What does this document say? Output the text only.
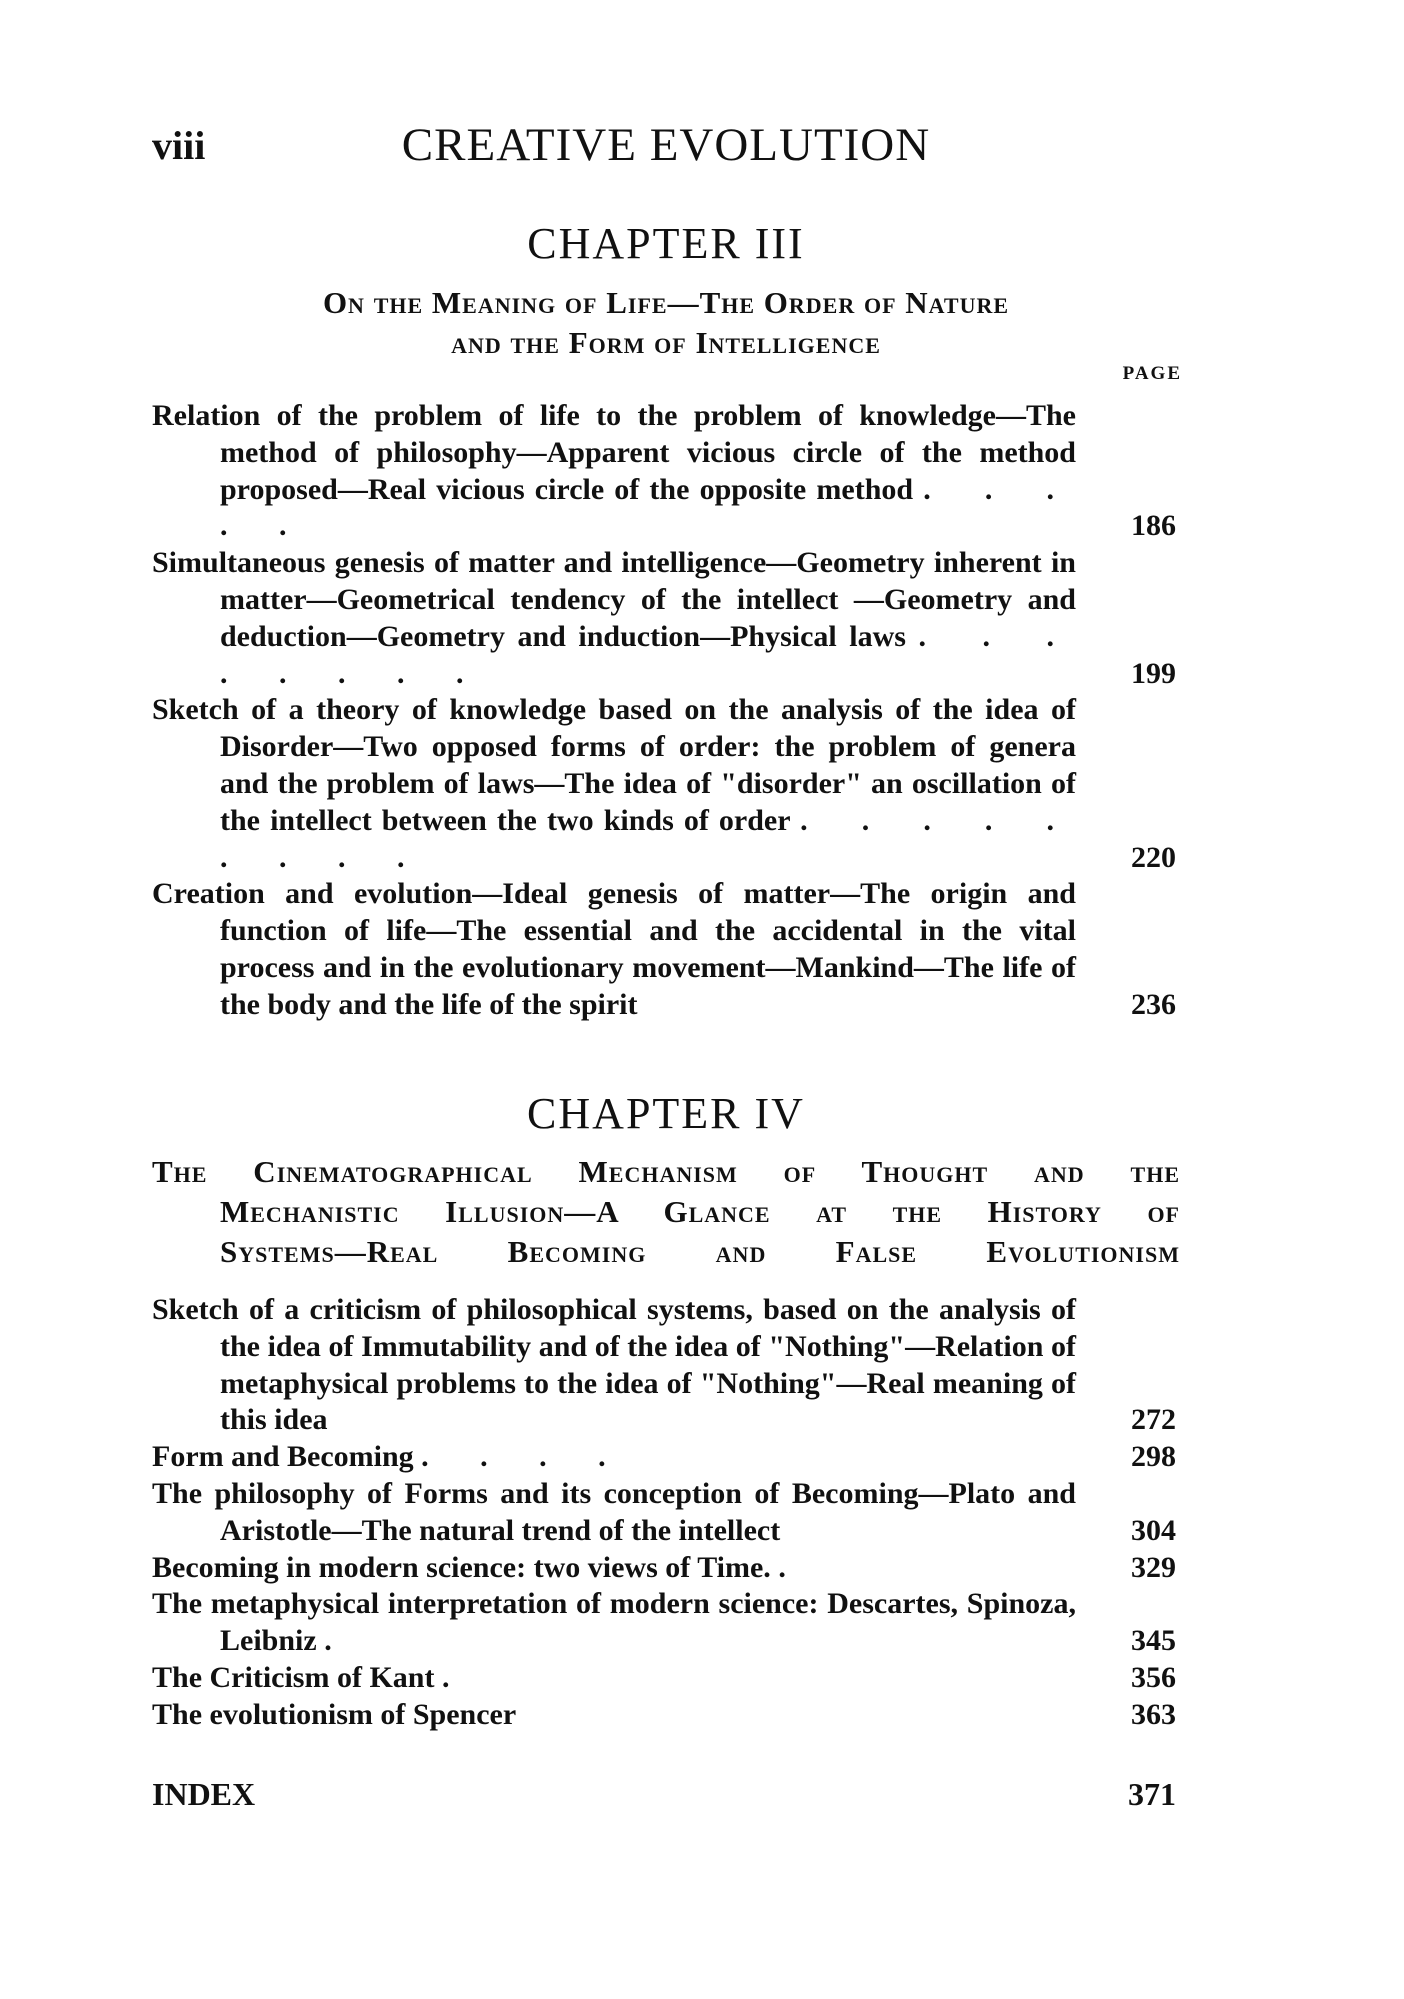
viii	CREATIVE EVOLUTION
CHAPTER III
On the Meaning of Life—The Order of Nature
and the Form of Intelligence
PAGE
Relation of the problem of life to the problem of knowledge—The method of philosophy—Apparent vicious circle of the method proposed—Real vicious circle of the opposite method . . . . .	186
Simultaneous genesis of matter and intelligence—Geometry inherent in matter—Geometrical tendency of the intellect —Geometry and deduction—Geometry and induction—Physical laws . . . . . . . .	199
Sketch of a theory of knowledge based on the analysis of the idea of Disorder—Two opposed forms of order: the problem of genera and the problem of laws—The idea of "disorder" an oscillation of the intellect between the two kinds of order . . . . . . . . .	220
Creation and evolution—Ideal genesis of matter—The origin and function of life—The essential and the accidental in the vital process and in the evolutionary movement—Mankind—The life of the body and the life of the spirit	236
CHAPTER IV
The Cinematographical Mechanism of Thought and the
Mechanistic Illusion—A Glance at the History of
Systems—Real Becoming and False Evolutionism
Sketch of a criticism of philosophical systems, based on the analysis of the idea of Immutability and of the idea of "Nothing"—Relation of metaphysical problems to the idea of "Nothing"—Real meaning of this idea	272
Form and Becoming . . . .	298
The philosophy of Forms and its conception of Becoming—Plato and Aristotle—The natural trend of the intellect	304
Becoming in modern science: two views of Time. .	329
The metaphysical interpretation of modern science: Descartes, Spinoza, Leibniz .	345
The Criticism of Kant .	356
The evolutionism of Spencer	363
INDEX	371
